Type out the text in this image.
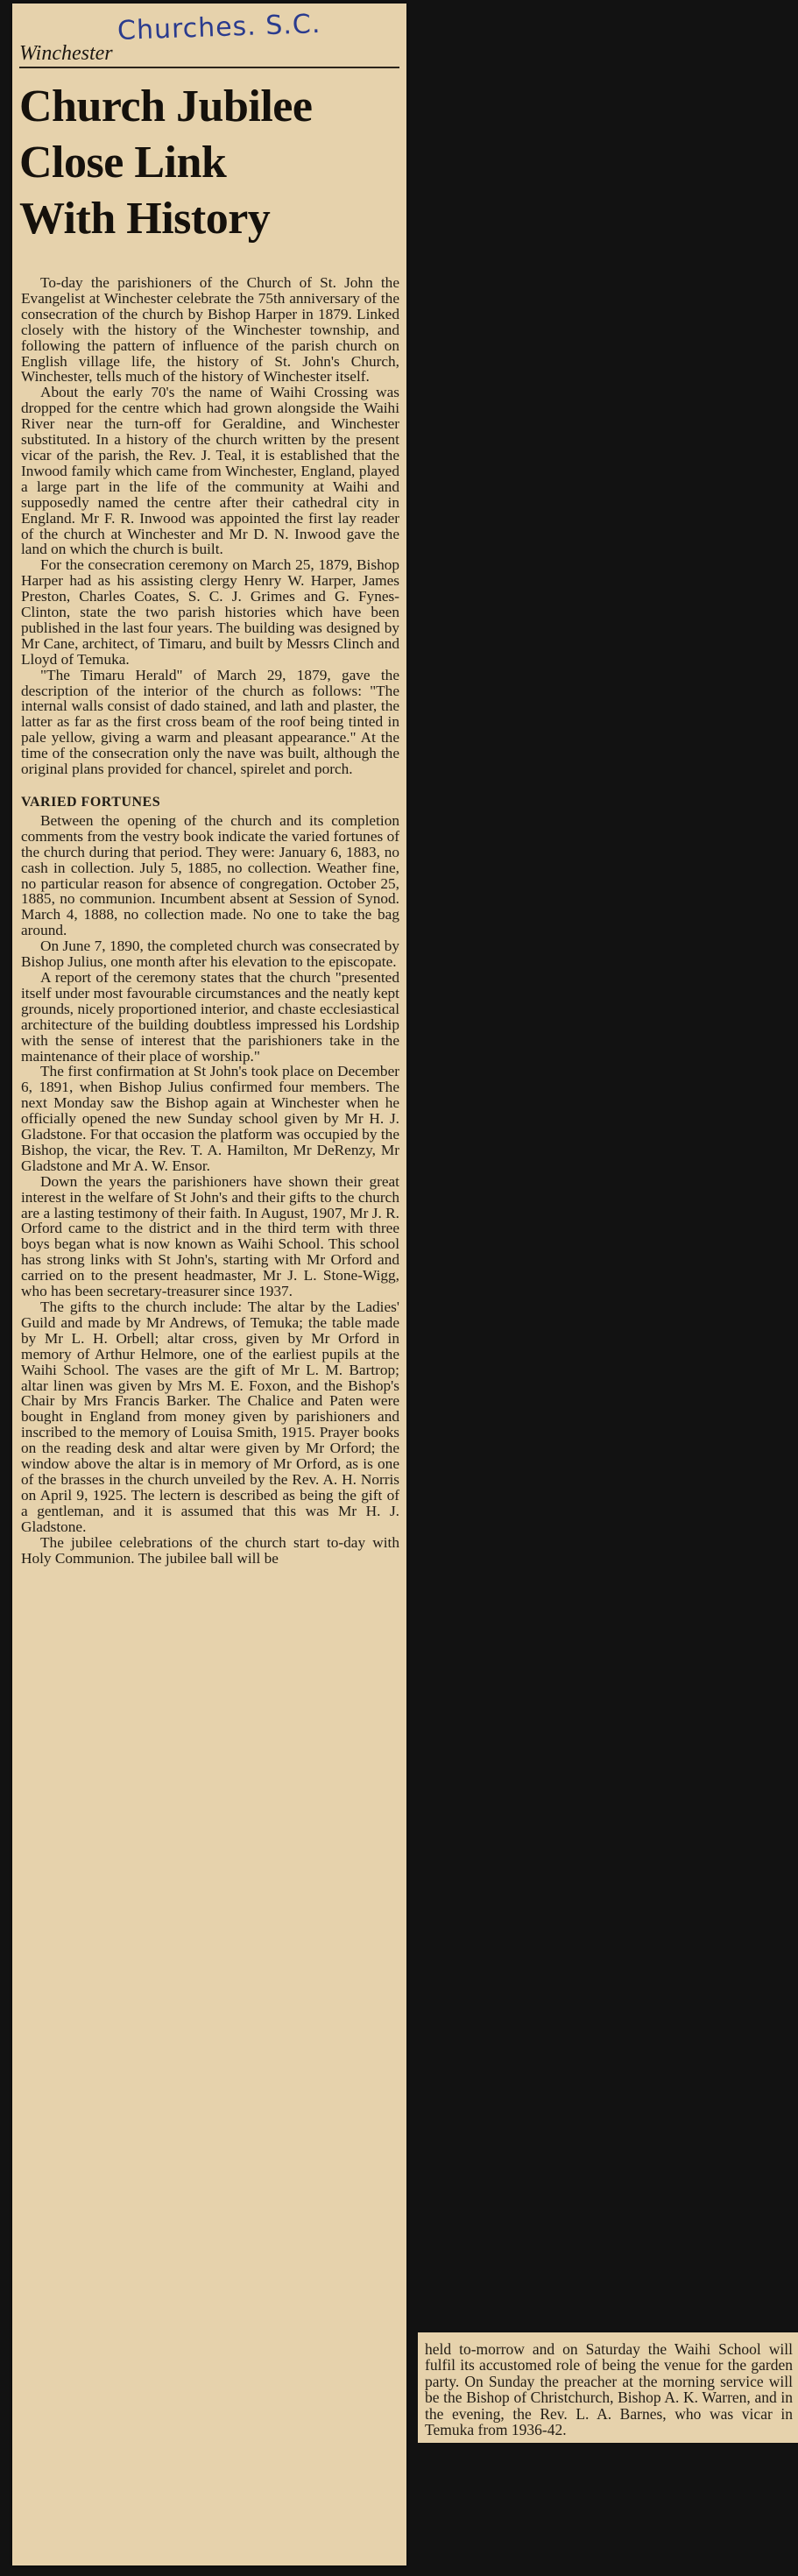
Churches. S.C.
Winchester
Church Jubilee
Close Link
With History

To-day the parishioners of the Church of St. John the Evangelist at Winchester celebrate the 75th anniversary of the consecration of the church by Bishop Harper in 1879. Linked closely with the history of the Winchester township, and following the pattern of influence of the parish church on English village life, the history of St. John's Church, Winchester, tells much of the history of Winchester itself.

About the early 70's the name of Waihi Crossing was dropped for the centre which had grown alongside the Waihi River near the turn-off for Geraldine, and Winchester substituted. In a history of the church written by the present vicar of the parish, the Rev. J. Teal, it is established that the Inwood family which came from Winchester, England, played a large part in the life of the community at Waihi and supposedly named the centre after their cathedral city in England. Mr F. R. Inwood was appointed the first lay reader of the church at Winchester and Mr D. N. Inwood gave the land on which the church is built.

For the consecration ceremony on March 25, 1879, Bishop Harper had as his assisting clergy Henry W. Harper, James Preston, Charles Coates, S. C. J. Grimes and G. Fynes-Clinton, state the two parish histories which have been published in the last four years. The building was designed by Mr Cane, architect, of Timaru, and built by Messrs Clinch and Lloyd of Temuka.

"The Timaru Herald" of March 29, 1879, gave the description of the interior of the church as follows: "The internal walls consist of dado stained, and lath and plaster, the latter as far as the first cross beam of the roof being tinted in pale yellow, giving a warm and pleasant appearance." At the time of the consecration only the nave was built, although the original plans provided for chancel, spirelet and porch.

VARIED FORTUNES

Between the opening of the church and its completion comments from the vestry book indicate the varied fortunes of the church during that period. They were: January 6, 1883, no cash in collection. July 5, 1885, no collection. Weather fine, no particular reason for absence of congregation. October 25, 1885, no communion. Incumbent absent at Session of Synod. March 4, 1888, no collection made. No one to take the bag around.

On June 7, 1890, the completed church was consecrated by Bishop Julius, one month after his elevation to the episcopate.

A report of the ceremony states that the church "presented itself under most favourable circumstances and the neatly kept grounds, nicely proportioned interior, and chaste ecclesiastical architecture of the building doubtless impressed his Lordship with the sense of interest that the parishioners take in the maintenance of their place of worship."

The first confirmation at St John's took place on December 6, 1891, when Bishop Julius confirmed four members. The next Monday saw the Bishop again at Winchester when he officially opened the new Sunday school given by Mr H. J. Gladstone. For that occasion the platform was occupied by the Bishop, the vicar, the Rev. T. A. Hamilton, Mr DeRenzy, Mr Gladstone and Mr A. W. Ensor.

Down the years the parishioners have shown their great interest in the welfare of St John's and their gifts to the church are a lasting testimony of their faith. In August, 1907, Mr J. R. Orford came to the district and in the third term with three boys began what is now known as Waihi School. This school has strong links with St John's, starting with Mr Orford and carried on to the present headmaster, Mr J. L. Stone-Wigg, who has been secretary-treasurer since 1937.

The gifts to the church include: The altar by the Ladies' Guild and made by Mr Andrews, of Temuka; the table made by Mr L. H. Orbell; altar cross, given by Mr Orford in memory of Arthur Helmore, one of the earliest pupils at the Waihi School. The vases are the gift of Mr L. M. Bartrop; altar linen was given by Mrs M. E. Foxon, and the Bishop's Chair by Mrs Francis Barker. The Chalice and Paten were bought in England from money given by parishioners and inscribed to the memory of Louisa Smith, 1915. Prayer books on the reading desk and altar were given by Mr Orford; the window above the altar is in memory of Mr Orford, as is one of the brasses in the church unveiled by the Rev. A. H. Norris on April 9, 1925. The lectern is described as being the gift of a gentleman, and it is assumed that this was Mr H. J. Gladstone.

The jubilee celebrations of the church start to-day with Holy Communion. The jubilee ball will be

held to-morrow and on Saturday the Waihi School will fulfil its accustomed role of being the venue for the garden party. On Sunday the preacher at the morning service will be the Bishop of Christchurch, Bishop A. K. Warren, and in the evening, the Rev. L. A. Barnes, who was vicar in Temuka from 1936-42.
